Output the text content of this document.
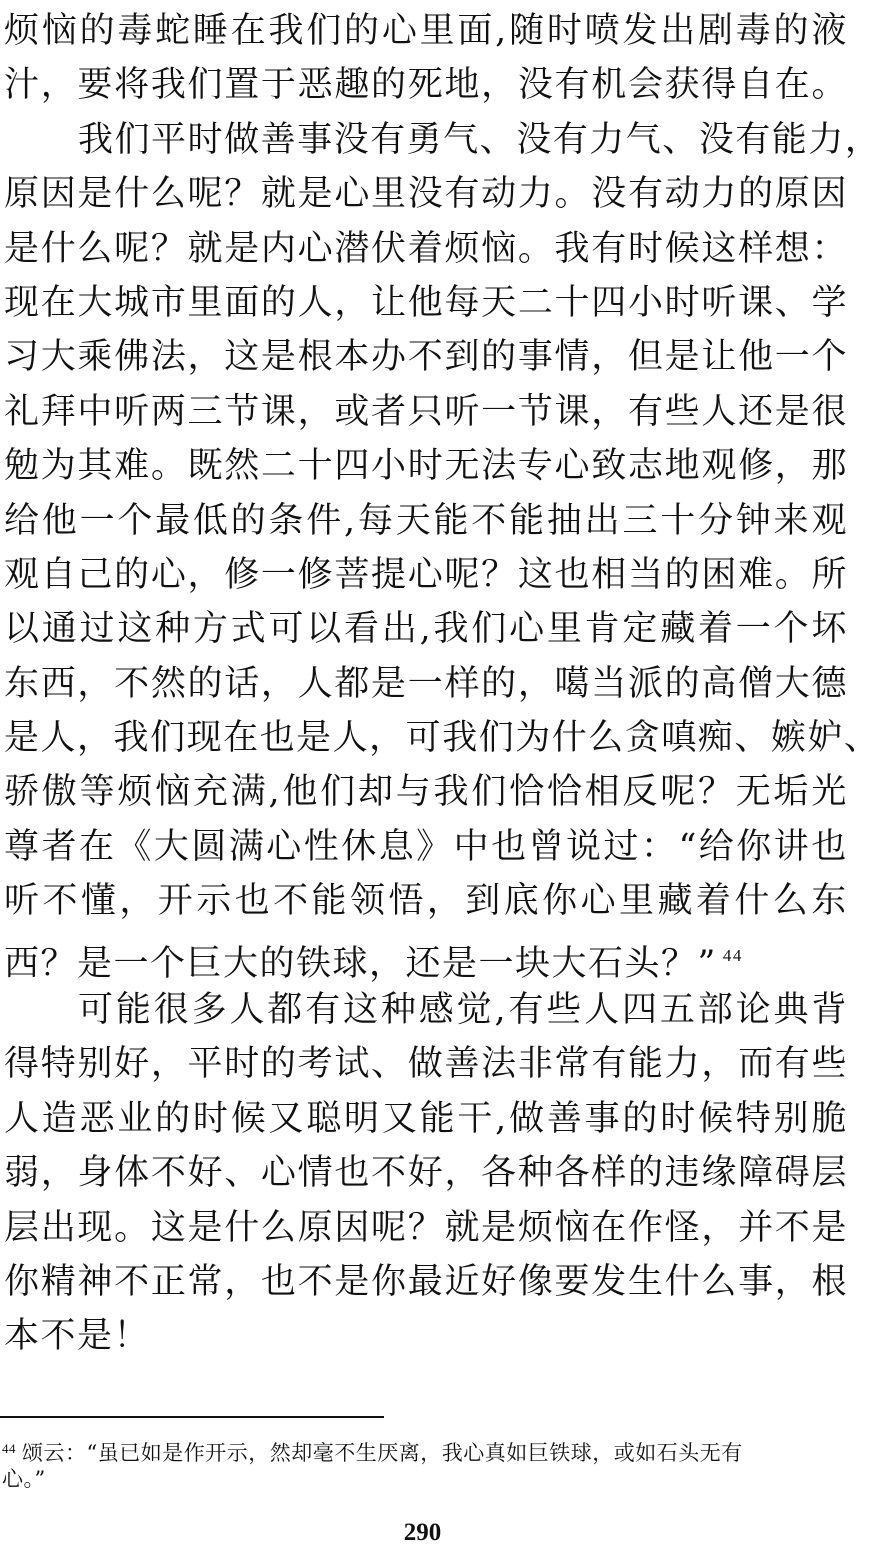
烦 恼 的 毒 蛇 睡 在 我 们 的 心 里 面 , 随 时 喷 发 出 剧 毒 的 液
汁 ， 要 将 我 们 置 于 恶 趣 的 死 地 ， 没 有 机 会 获 得 自 在 。
我 们 平 时 做 善 事 没 有 勇 气 、 没 有 力 气 、 没 有 能 力 ，
原 因 是 什 么 呢 ？ 就 是 心 里 没 有 动 力 。 没 有 动 力 的 原 因
是 什 么 呢 ？ 就 是 内 心 潜 伏 着 烦 恼 。 我 有 时 候 这 样 想 ：
现 在 大 城 市 里 面 的 人 ， 让 他 每 天 二 十 四 小 时 听 课 、 学
习 大 乘 佛 法 ， 这 是 根 本 办 不 到 的 事 情 ， 但 是 让 他 一 个
礼 拜 中 听 两 三 节 课 ， 或 者 只 听 一 节 课 ， 有 些 人 还 是 很
勉 为 其 难 。 既 然 二 十 四 小 时 无 法 专 心 致 志 地 观 修 ， 那
给 他 一 个 最 低 的 条 件 , 每 天 能 不 能 抽 出 三 十 分 钟 来 观
观 自 己 的 心 ， 修 一 修 菩 提 心 呢 ？ 这 也 相 当 的 困 难 。 所
以 通 过 这 种 方 式 可 以 看 出 , 我 们 心 里 肯 定 藏 着 一 个 坏
东 西 ， 不 然 的 话 ， 人 都 是 一 样 的 ， 噶 当 派 的 高 僧 大 德
是 人 ， 我 们 现 在 也 是 人 ， 可 我 们 为 什 么 贪 嗔 痴 、 嫉 妒 、
骄 傲 等 烦 恼 充 满 , 他 们 却 与 我 们 恰 恰 相 反 呢 ？ 无 垢 光
尊 者 在 《 大 圆 满 心 性 休 息 》 中 也 曾 说 过 ： “ 给 你 讲 也
听 不 懂 ， 开 示 也 不 能 领 悟 ， 到 底 你 心 里 藏 着 什 么 东
西？是一个巨大的铁球，还是一块大石头？” $^{44}$
可 能 很 多 人 都 有 这 种 感 觉 , 有 些 人 四 五 部 论 典 背
得 特 别 好 ， 平 时 的 考 试 、 做 善 法 非 常 有 能 力 ， 而 有 些
人 造 恶 业 的 时 候 又 聪 明 又 能 干 , 做 善 事 的 时 候 特 别 脆
弱 ， 身 体 不 好 、 心 情 也 不 好 ， 各 种 各 样 的 违 缘 障 碍 层
层 出 现 。 这 是 什 么 原 因 呢 ？ 就 是 烦 恼 在 作 怪 ， 并 不 是
你 精 神 不 正 常 ， 也 不 是 你 最 近 好 像 要 发 生 什 么 事 ， 根
本不是！
$^{44}$ 颂云：“虽已如是作开示，然却毫不生厌离，我心真如巨铁球，或如石头无有
心。”
290
